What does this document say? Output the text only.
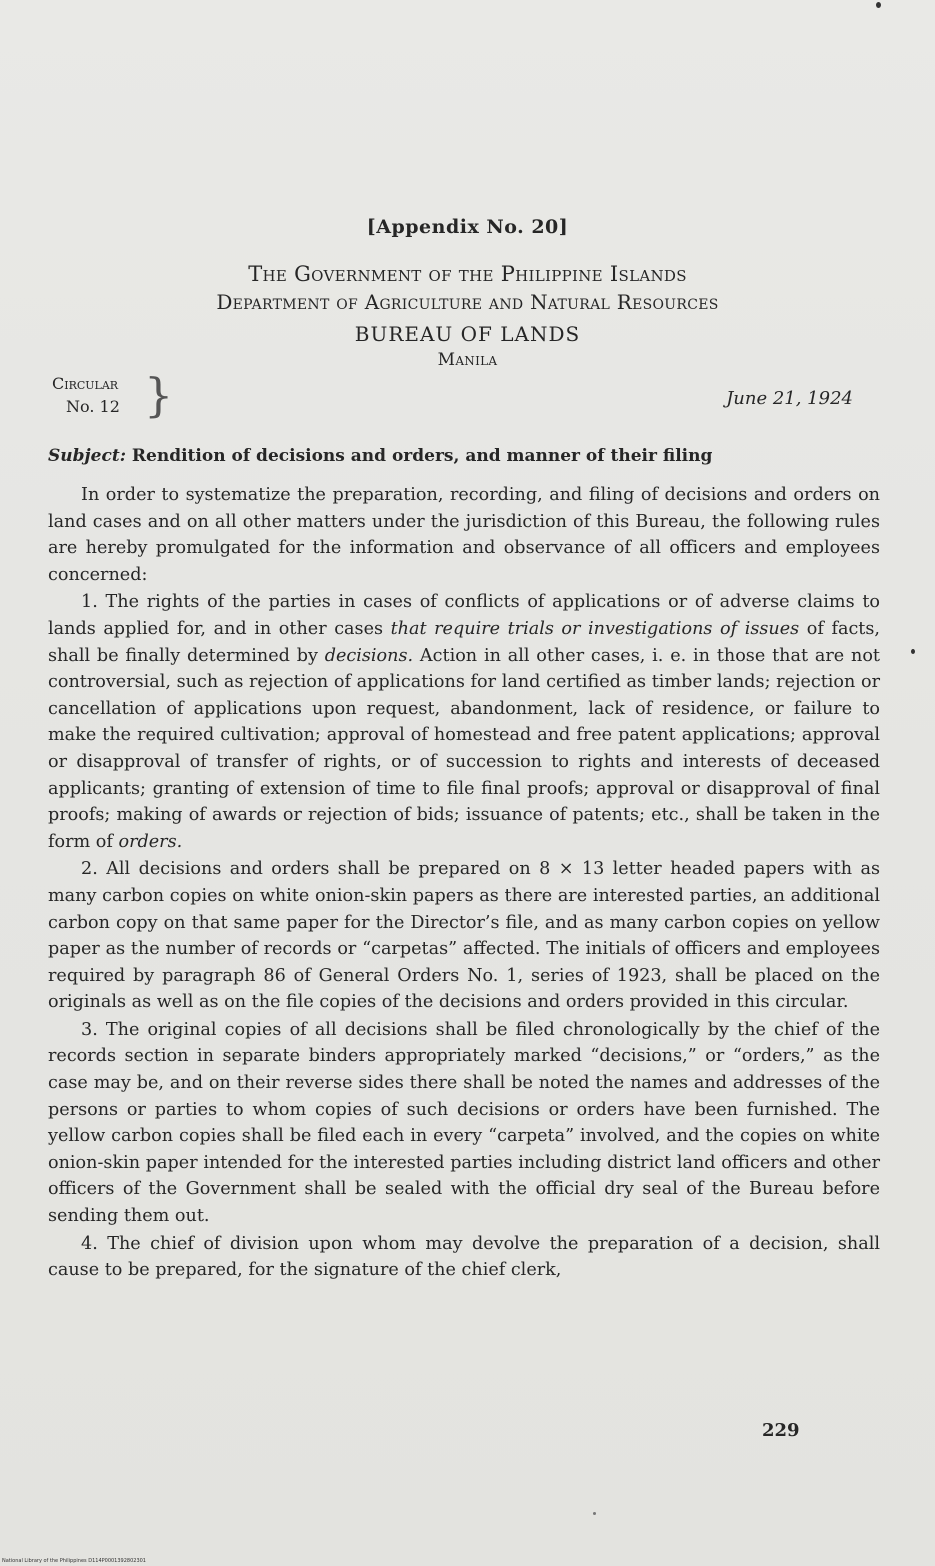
[Appendix No. 20]
The Government of the Philippine Islands
Department of Agriculture and Natural Resources
BUREAU OF LANDS
Manila
Circular
No. 12 }	June 21, 1924
Subject: Rendition of decisions and orders, and manner of their filing

In order to systematize the preparation, recording, and filing of decisions and orders on land cases and on all other matters under the jurisdiction of this Bureau, the following rules are hereby promulgated for the information and observance of all officers and employees concerned:

1. The rights of the parties in cases of conflicts of applications or of adverse claims to lands applied for, and in other cases that require trials or investigations of issues of facts, shall be finally determined by decisions. Action in all other cases, i. e. in those that are not controversial, such as rejection of applications for land certified as timber lands; rejection or cancellation of applications upon request, abandonment, lack of residence, or failure to make the required cultivation; approval of homestead and free patent applications; approval or disapproval of transfer of rights, or of succession to rights and interests of deceased applicants; granting of extension of time to file final proofs; approval or disapproval of final proofs; making of awards or rejection of bids; issuance of patents; etc., shall be taken in the form of orders.

2. All decisions and orders shall be prepared on 8 × 13 letter headed papers with as many carbon copies on white onion-skin papers as there are interested parties, an additional carbon copy on that same paper for the Director’s file, and as many carbon copies on yellow paper as the number of records or “carpetas” affected. The initials of officers and employees required by paragraph 86 of General Orders No. 1, series of 1923, shall be placed on the originals as well as on the file copies of the decisions and orders provided in this circular.

3. The original copies of all decisions shall be filed chronologically by the chief of the records section in separate binders appropriately marked “decisions,” or “orders,” as the case may be, and on their reverse sides there shall be noted the names and addresses of the persons or parties to whom copies of such decisions or orders have been furnished. The yellow carbon copies shall be filed each in every “carpeta” involved, and the copies on white onion-skin paper intended for the interested parties including district land officers and other officers of the Government shall be sealed with the official dry seal of the Bureau before sending them out.

4. The chief of division upon whom may devolve the preparation of a decision, shall cause to be prepared, for the signature of the chief clerk,

229
National Library of the Philippines D114P0001392802301
